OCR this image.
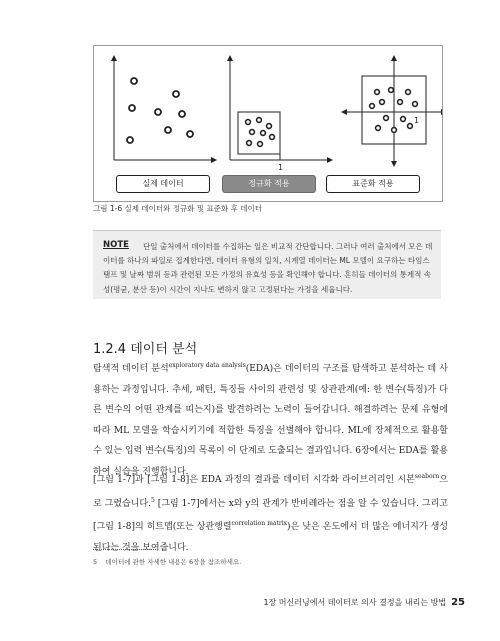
1
1
실제 데이터	정규화 적용	표준화 적용
그림 1-6 실제 데이터와 정규화 및 표준화 후 데이터
NOTE	단일 출처에서 데이터를 수집하는 일은 비교적 간단합니다. 그러나 여러 출처에서 모은 데이터를 하나의 파일로 집계한다면, 데이터 유형의 일치, 시계열 데이터는 ML 모델이 요구하는 타임스탬프 및 날짜 범위 등과 관련된 모든 가정의 유효성 등을 확인해야 합니다. 흔히들 데이터의 통계적 속성(평균, 분산 등)이 시간이 지나도 변하지 않고 고정된다는 가정을 세웁니다.
1.2.4 데이터 분석

탐색적 데이터 분석$^{exploratory data analysis}$(EDA)은 데이터의 구조를 탐색하고 분석하는 데 사용하는 과정입니다. 추세, 패턴, 특징들 사이의 관련성 및 상관관계(예: 한 변수(특징)가 다른 변수의 어떤 관계를 띠는지)를 발견하려는 노력이 들어갑니다. 해결하려는 문제 유형에 따라 ML 모델을 학습시키기에 적합한 특징을 선별해야 합니다. ML에 장체적으로 활용할 수 있는 입력 변수(특징)의 목록이 이 단계로 도출되는 결과입니다. 6장에서는 EDA를 활용하여 실습을 진행합니다.

[그림 1-7]과 [그림 1-8]은 EDA 과정의 결과를 데이터 시각화 라이브러리인 시본$^{seaborn}$으로 그렸습니다.$^5$ [그림 1-7]에서는 x와 y의 관계가 반비례라는 점을 알 수 있습니다. 그리고 [그림 1-8]의 히트맵(또는 상관행렬$^{correlation matrix}$)은 낮은 온도에서 더 많은 에너지가 생성된다는 것을 보여줍니다.

5 데이터에 관한 자세한 내용은 6장을 참조하세요.
1장 머신러닝에서 데이터로 의사 결정을 내리는 방법 25
